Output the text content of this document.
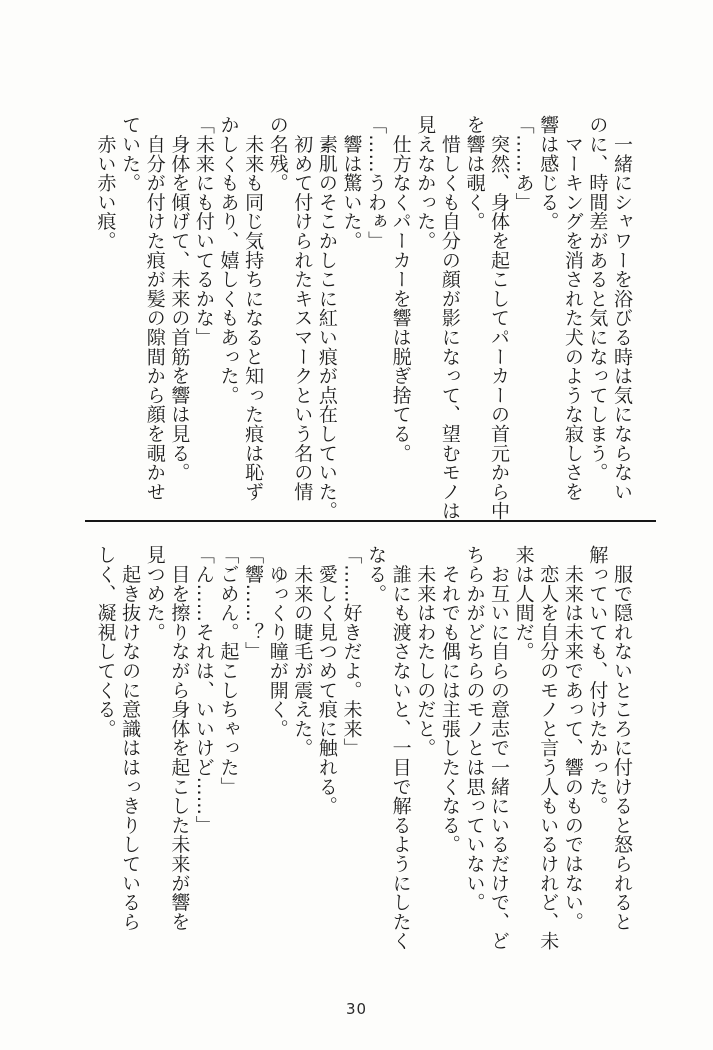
　一緒にシャワーを浴びる時は気にならない

のに、時間差があると気になってしまう。

　マーキングを消された犬のような寂しさを

響は感じる。

「……あ」

　突然、身体を起こしてパーカーの首元から中

を響は覗く。

　惜しくも自分の顔が影になって、望むモノは

見えなかった。

　仕方なくパーカーを響は脱ぎ捨てる。

「……うわぁ」

　響は驚いた。

　素肌のそこかしこに紅い痕が点在していた。

　初めて付けられたキスマークという名の情

の名残。

　未来も同じ気持ちになると知った痕は恥ず

かしくもあり、嬉しくもあった。

「未来にも付いてるかな」

　身体を傾げて、未来の首筋を響は見る。

　自分が付けた痕が髪の隙間から顔を覗かせ

ていた。

　赤い赤い痕。

　服で隠れないところに付けると怒られると

解っていても、付けたかった。

　未来は未来であって、響のものではない。

　恋人を自分のモノと言う人もいるけれど、未

来は人間だ。

　お互いに自らの意志で一緒にいるだけで、ど

ちらかがどちらのモノとは思っていない。

　それでも偶には主張したくなる。

　未来はわたしのだと。

　誰にも渡さないと、一目で解るようにしたく

なる。

「……好きだよ。未来」

　愛しく見つめて痕に触れる。

　未来の睫毛が震えた。

　ゆっくり瞳が開く。

「響……？」

「ごめん。起こしちゃった」

「ん……それは、いいけど……」

　目を擦りながら身体を起こした未来が響を

見つめた。

　起き抜けなのに意識ははっきりしているら

しく、凝視してくる。

30
